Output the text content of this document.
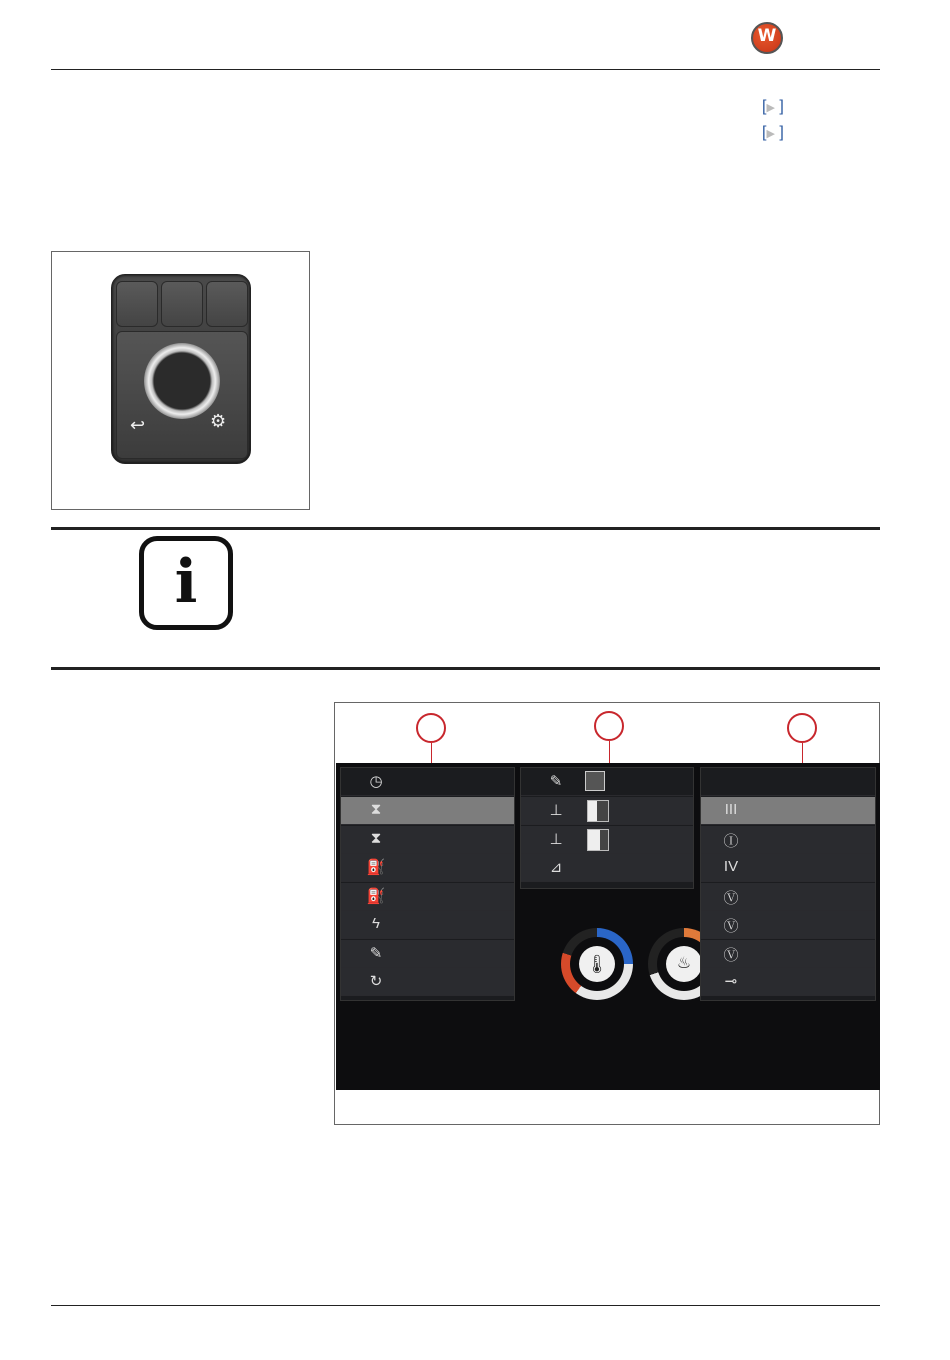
W
[▶ ]
[▶ ]
↩	⚙
i
🌡	♨
◷
⧗
⧗
⛽
⛽
ϟ
✎
↻
✎
⊥
⊥
⊿
III
Ⓘ
IV
Ⓥ
Ⓥ
Ⓥ
⊸
